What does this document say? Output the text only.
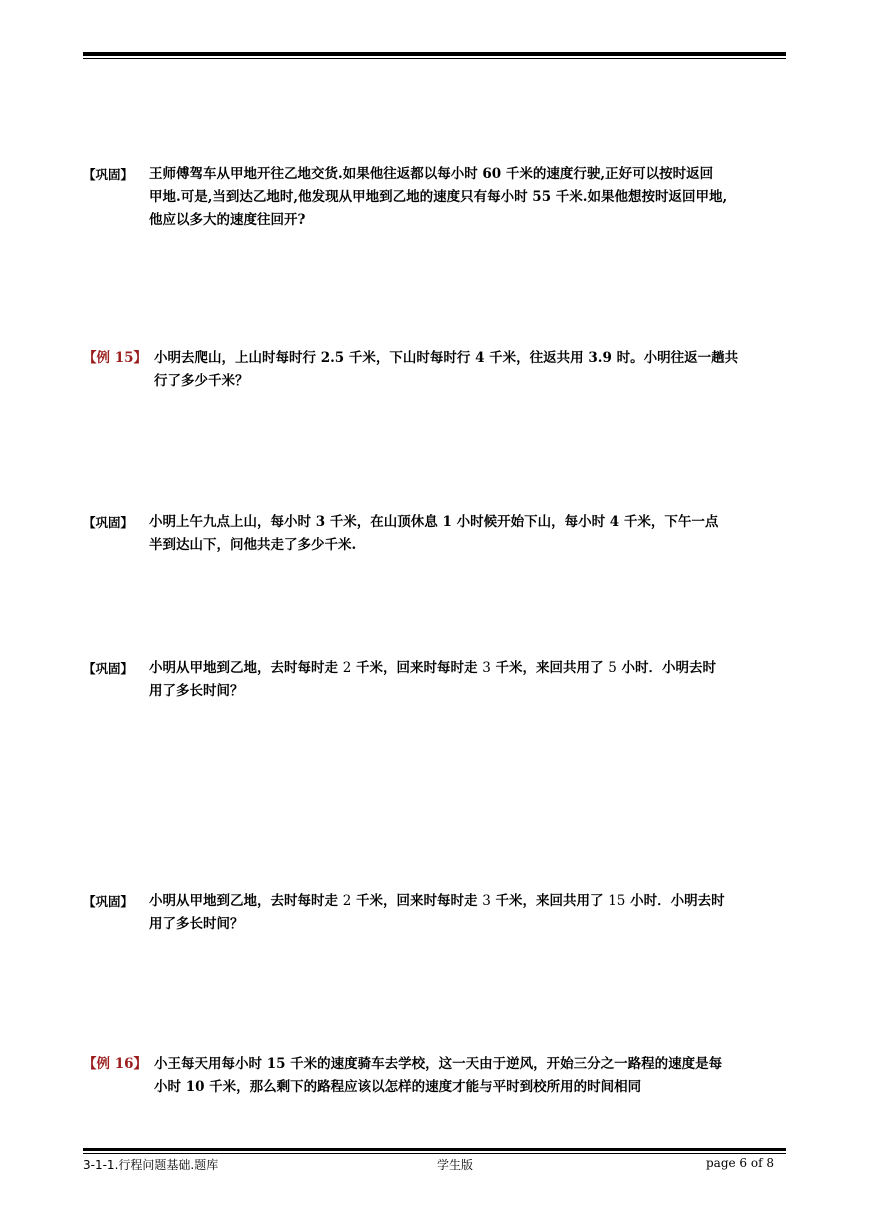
【巩固】 王师傅驾车从甲地开往乙地交货.如果他往返都以每小时 60 千米的速度行驶,正好可以按时返回
甲地.可是,当到达乙地时,他发现从甲地到乙地的速度只有每小时 55 千米.如果他想按时返回甲地,
他应以多大的速度往回开?
【例 15】 小明去爬山，上山时每时行 2.5 千米，下山时每时行 4 千米，往返共用 3.9 时。小明往返一趟共
行了多少千米？
【巩固】 小明上午九点上山，每小时 3 千米，在山顶休息 1 小时候开始下山，每小时 4 千米，下午一点
半到达山下，问他共走了多少千米.
【巩固】 小明从甲地到乙地，去时每时走 2 千米，回来时每时走 3 千米，来回共用了 5 小时．小明去时
用了多长时间？
【巩固】 小明从甲地到乙地，去时每时走 2 千米，回来时每时走 3 千米，来回共用了 15 小时．小明去时
用了多长时间？
【例 16】 小王每天用每小时 15 千米的速度骑车去学校，这一天由于逆风，开始三分之一路程的速度是每
小时 10 千米，那么剩下的路程应该以怎样的速度才能与平时到校所用的时间相同
3-1-1.行程问题基础.题库	学生版	page 6 of 8
